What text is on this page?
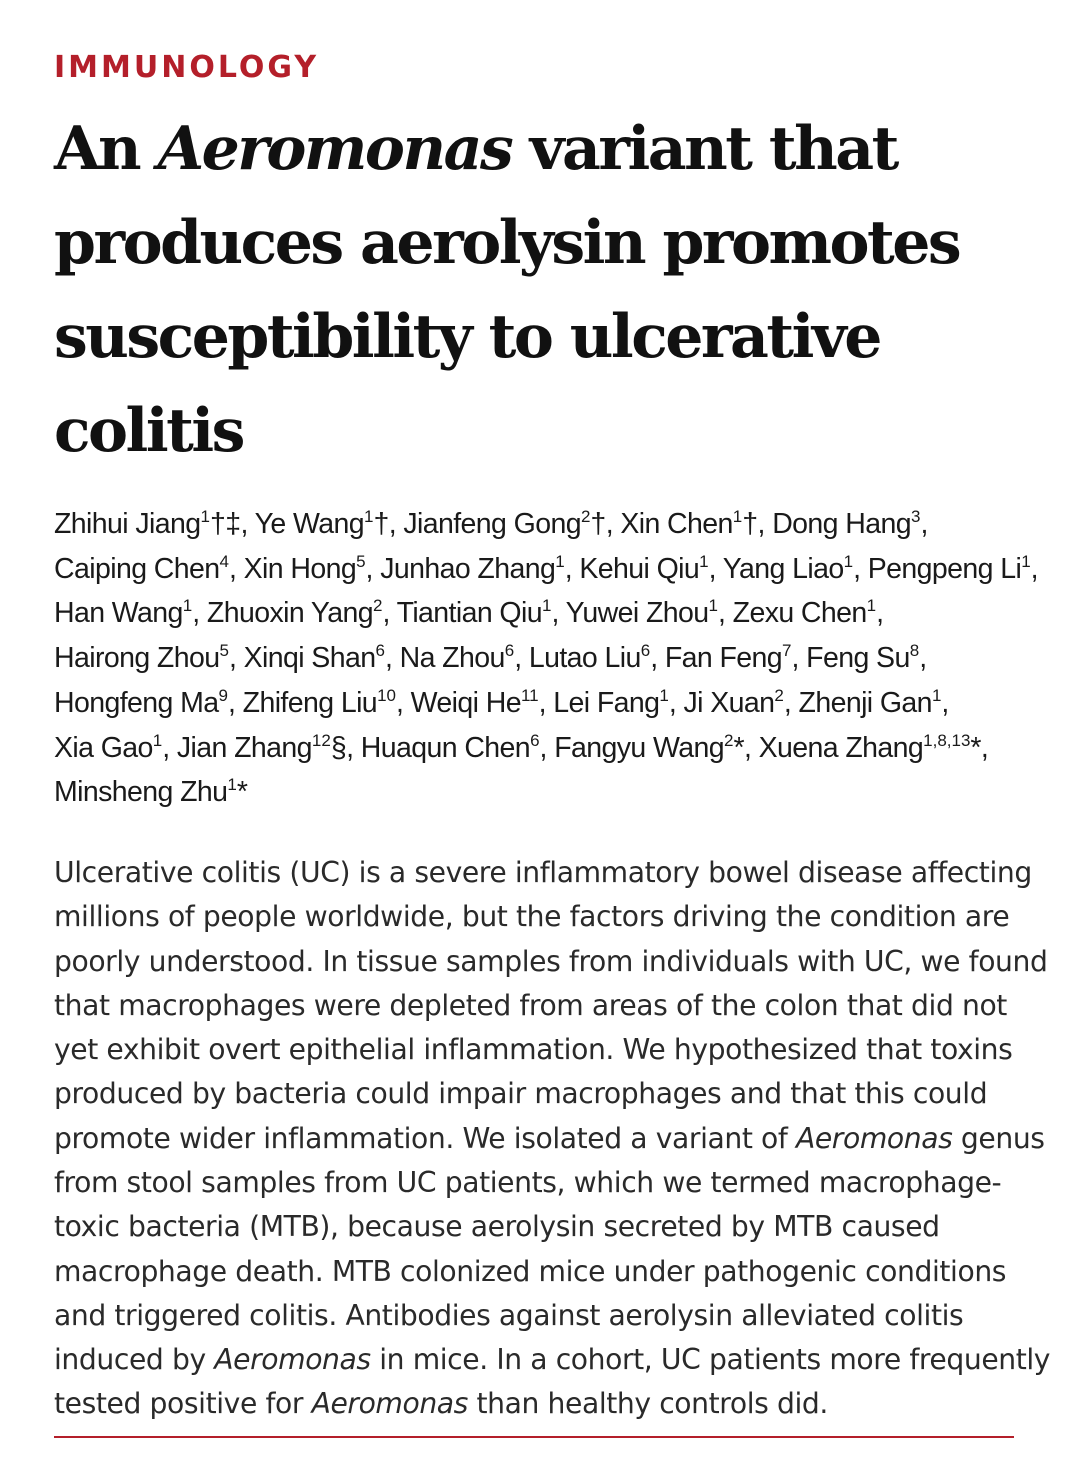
IMMUNOLOGY
An Aeromonas variant that produces aerolysin promotes susceptibility to ulcerative colitis
Zhihui Jiang$^1$†‡, Ye Wang$^1$†, Jianfeng Gong$^2$†, Xin Chen$^1$†, Dong Hang$^3$, Caiping Chen$^4$, Xin Hong$^5$, Junhao Zhang$^1$, Kehui Qiu$^1$, Yang Liao$^1$, Pengpeng Li$^1$, Han Wang$^1$, Zhuoxin Yang$^2$, Tiantian Qiu$^1$, Yuwei Zhou$^1$, Zexu Chen$^1$, Hairong Zhou$^5$, Xinqi Shan$^6$, Na Zhou$^6$, Lutao Liu$^6$, Fan Feng$^7$, Feng Su$^8$, Hongfeng Ma$^9$, Zhifeng Liu$^{10}$, Weiqi He$^{11}$, Lei Fang$^1$, Ji Xuan$^2$, Zhenji Gan$^1$, Xia Gao$^1$, Jian Zhang$^{12}$§, Huaqun Chen$^6$, Fangyu Wang$^2$*, Xuena Zhang$^{1,8,13}$*, Minsheng Zhu$^1$*

Ulcerative colitis (UC) is a severe inflammatory bowel disease affecting millions of people worldwide, but the factors driving the condition are poorly understood. In tissue samples from individuals with UC, we found that macrophages were depleted from areas of the colon that did not yet exhibit overt epithelial inflammation. We hypothesized that toxins produced by bacteria could impair macrophages and that this could promote wider inflammation. We isolated a variant of Aeromonas genus from stool samples from UC patients, which we termed macrophage-toxic bacteria (MTB), because aerolysin secreted by MTB caused macrophage death. MTB colonized mice under pathogenic conditions and triggered colitis. Antibodies against aerolysin alleviated colitis induced by Aeromonas in mice. In a cohort, UC patients more frequently tested positive for Aeromonas than healthy controls did.
